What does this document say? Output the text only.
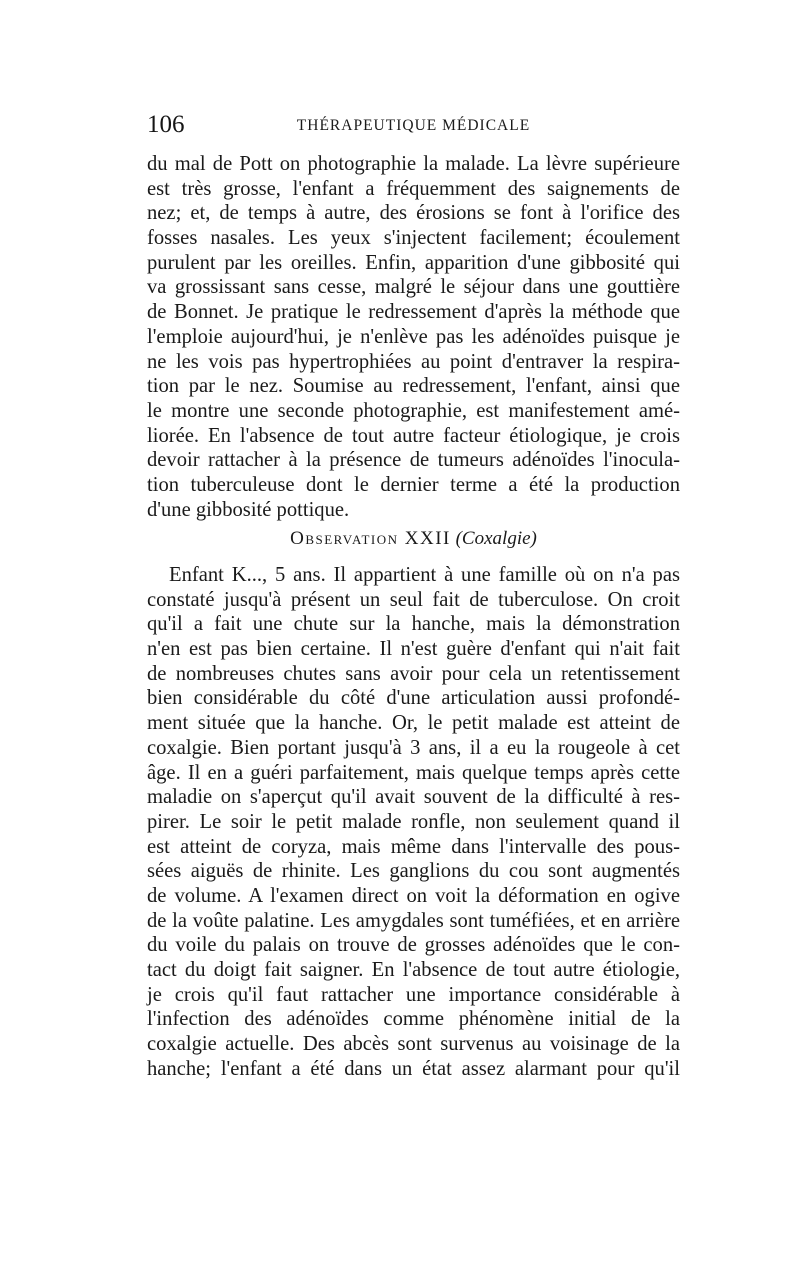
106	THÉRAPEUTIQUE MÉDICALE
du mal de Pott on photographie la malade. La lèvre supérieure
est très grosse, l'enfant a fréquemment des saignements de
nez; et, de temps à autre, des érosions se font à l'orifice des
fosses nasales. Les yeux s'injectent facilement; écoulement
purulent par les oreilles. Enfin, apparition d'une gibbosité qui
va grossissant sans cesse, malgré le séjour dans une gouttière
de Bonnet. Je pratique le redressement d'après la méthode que
l'emploie aujourd'hui, je n'enlève pas les adénoïdes puisque je
ne les vois pas hypertrophiées au point d'entraver la respira-
tion par le nez. Soumise au redressement, l'enfant, ainsi que
le montre une seconde photographie, est manifestement amé-
liorée. En l'absence de tout autre facteur étiologique, je crois
devoir rattacher à la présence de tumeurs adénoïdes l'inocula-
tion tuberculeuse dont le dernier terme a été la production
d'une gibbosité pottique.
Observation XXII (Coxalgie)
Enfant K..., 5 ans. Il appartient à une famille où on n'a pas
constaté jusqu'à présent un seul fait de tuberculose. On croit
qu'il a fait une chute sur la hanche, mais la démonstration
n'en est pas bien certaine. Il n'est guère d'enfant qui n'ait fait
de nombreuses chutes sans avoir pour cela un retentissement
bien considérable du côté d'une articulation aussi profondé-
ment située que la hanche. Or, le petit malade est atteint de
coxalgie. Bien portant jusqu'à 3 ans, il a eu la rougeole à cet
âge. Il en a guéri parfaitement, mais quelque temps après cette
maladie on s'aperçut qu'il avait souvent de la difficulté à res-
pirer. Le soir le petit malade ronfle, non seulement quand il
est atteint de coryza, mais même dans l'intervalle des pous-
sées aiguës de rhinite. Les ganglions du cou sont augmentés
de volume. A l'examen direct on voit la déformation en ogive
de la voûte palatine. Les amygdales sont tuméfiées, et en arrière
du voile du palais on trouve de grosses adénoïdes que le con-
tact du doigt fait saigner. En l'absence de tout autre étiologie,
je crois qu'il faut rattacher une importance considérable à
l'infection des adénoïdes comme phénomène initial de la
coxalgie actuelle. Des abcès sont survenus au voisinage de la
hanche; l'enfant a été dans un état assez alarmant pour qu'il
